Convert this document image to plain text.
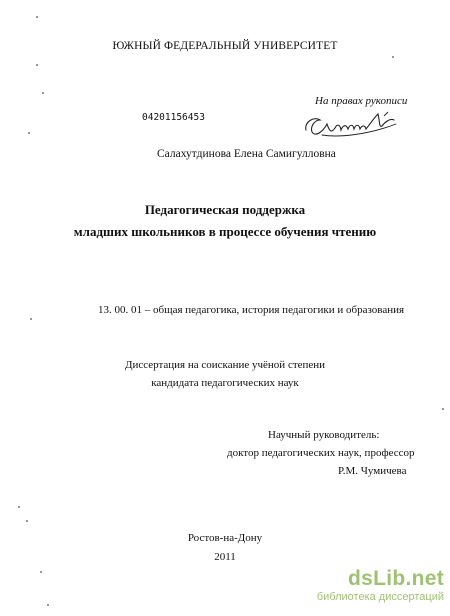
ЮЖНЫЙ ФЕДЕРАЛЬНЫЙ УНИВЕРСИТЕТ
На правах рукописи
04201156453
Салахутдинова Елена Самигулловна
Педагогическая поддержка
младших школьников в процессе обучения чтению
13. 00. 01 – общая педагогика, история педагогики и образования
Диссертация на соискание учёной степени
кандидата педагогических наук
Научный руководитель:
доктор педагогических наук, профессор
Р.М. Чумичева
Ростов-на-Дону
2011
dsLib.net
библиотека диссертаций
